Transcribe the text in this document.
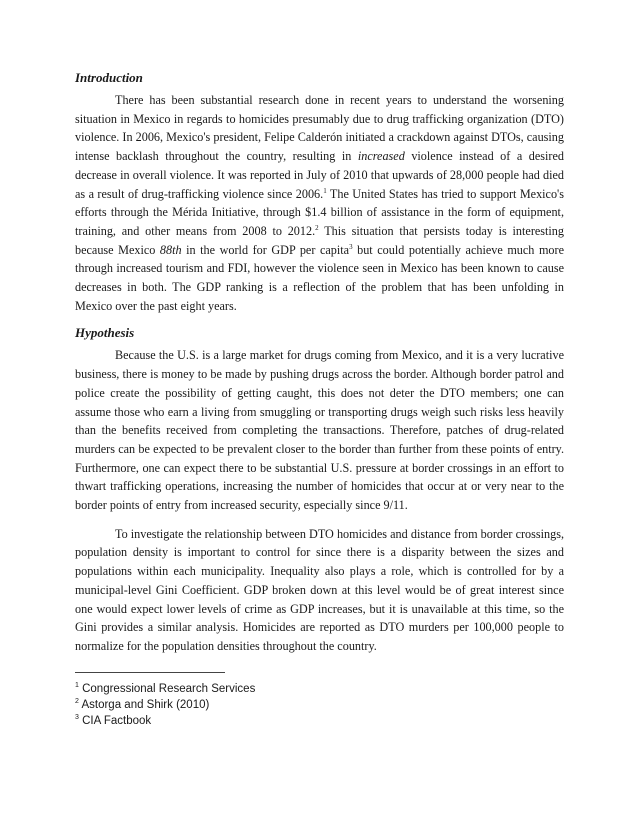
Introduction

There has been substantial research done in recent years to understand the worsening situation in Mexico in regards to homicides presumably due to drug trafficking organization (DTO) violence. In 2006, Mexico's president, Felipe Calderón initiated a crackdown against DTOs, causing intense backlash throughout the country, resulting in increased violence instead of a desired decrease in overall violence. It was reported in July of 2010 that upwards of 28,000 people had died as a result of drug-trafficking violence since 2006.$^1$ The United States has tried to support Mexico's efforts through the Mérida Initiative, through $1.4 billion of assistance in the form of equipment, training, and other means from 2008 to 2012.$^2$ This situation that persists today is interesting because Mexico 88th in the world for GDP per capita$^3$ but could potentially achieve much more through increased tourism and FDI, however the violence seen in Mexico has been known to cause decreases in both. The GDP ranking is a reflection of the problem that has been unfolding in Mexico over the past eight years.

Hypothesis

Because the U.S. is a large market for drugs coming from Mexico, and it is a very lucrative business, there is money to be made by pushing drugs across the border. Although border patrol and police create the possibility of getting caught, this does not deter the DTO members; one can assume those who earn a living from smuggling or transporting drugs weigh such risks less heavily than the benefits received from completing the transactions. Therefore, patches of drug-related murders can be expected to be prevalent closer to the border than further from these points of entry. Furthermore, one can expect there to be substantial U.S. pressure at border crossings in an effort to thwart trafficking operations, increasing the number of homicides that occur at or very near to the border points of entry from increased security, especially since 9/11.

To investigate the relationship between DTO homicides and distance from border crossings, population density is important to control for since there is a disparity between the sizes and populations within each municipality. Inequality also plays a role, which is controlled for by a municipal-level Gini Coefficient. GDP broken down at this level would be of great interest since one would expect lower levels of crime as GDP increases, but it is unavailable at this time, so the Gini provides a similar analysis. Homicides are reported as DTO murders per 100,000 people to normalize for the population densities throughout the country.

$^1$ Congressional Research Services
$^2$ Astorga and Shirk (2010)
$^3$ CIA Factbook
